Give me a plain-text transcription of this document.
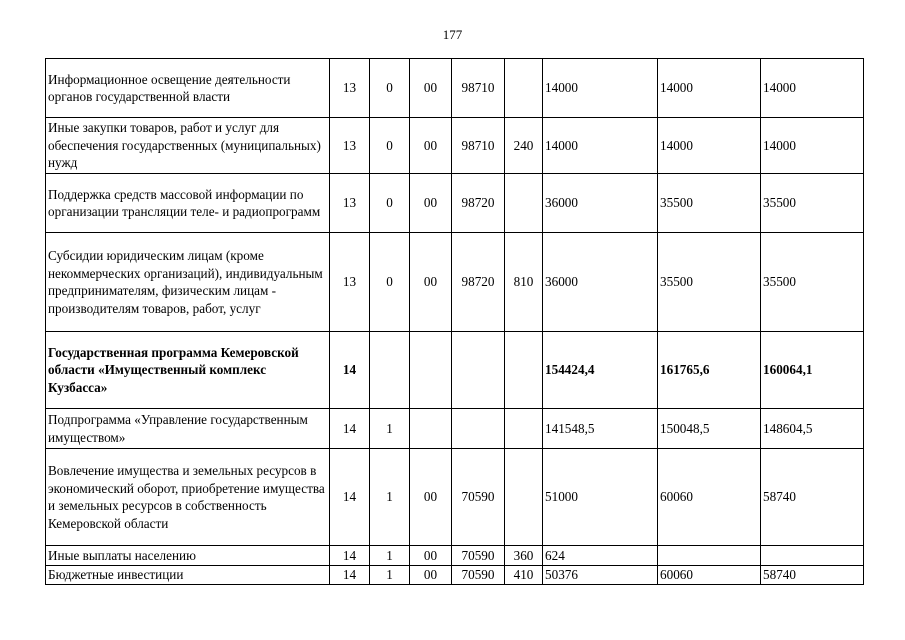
177
Информационное освещение деятельности органов государственной власти	13	0	00	98710		14000	14000	14000
Иные закупки товаров, работ и услуг для обеспечения государственных (муниципальных) нужд	13	0	00	98710	240	14000	14000	14000
Поддержка средств массовой информации по организации трансляции теле- и радиопрограмм	13	0	00	98720		36000	35500	35500
Субсидии юридическим лицам (кроме некоммерческих организаций), индивидуальным предпринимателям, физическим лицам - производителям товаров, работ, услуг	13	0	00	98720	810	36000	35500	35500
Государственная программа Кемеровской области «Имущественный комплекс Кузбасса»	14					154424,4	161765,6	160064,1
Подпрограмма «Управление государственным имуществом»	14	1				141548,5	150048,5	148604,5
Вовлечение имущества и земельных ресурсов в экономический оборот, приобретение имущества и земельных ресурсов в собственность Кемеровской области	14	1	00	70590		51000	60060	58740
Иные выплаты населению	14	1	00	70590	360	624		
Бюджетные инвестиции	14	1	00	70590	410	50376	60060	58740
